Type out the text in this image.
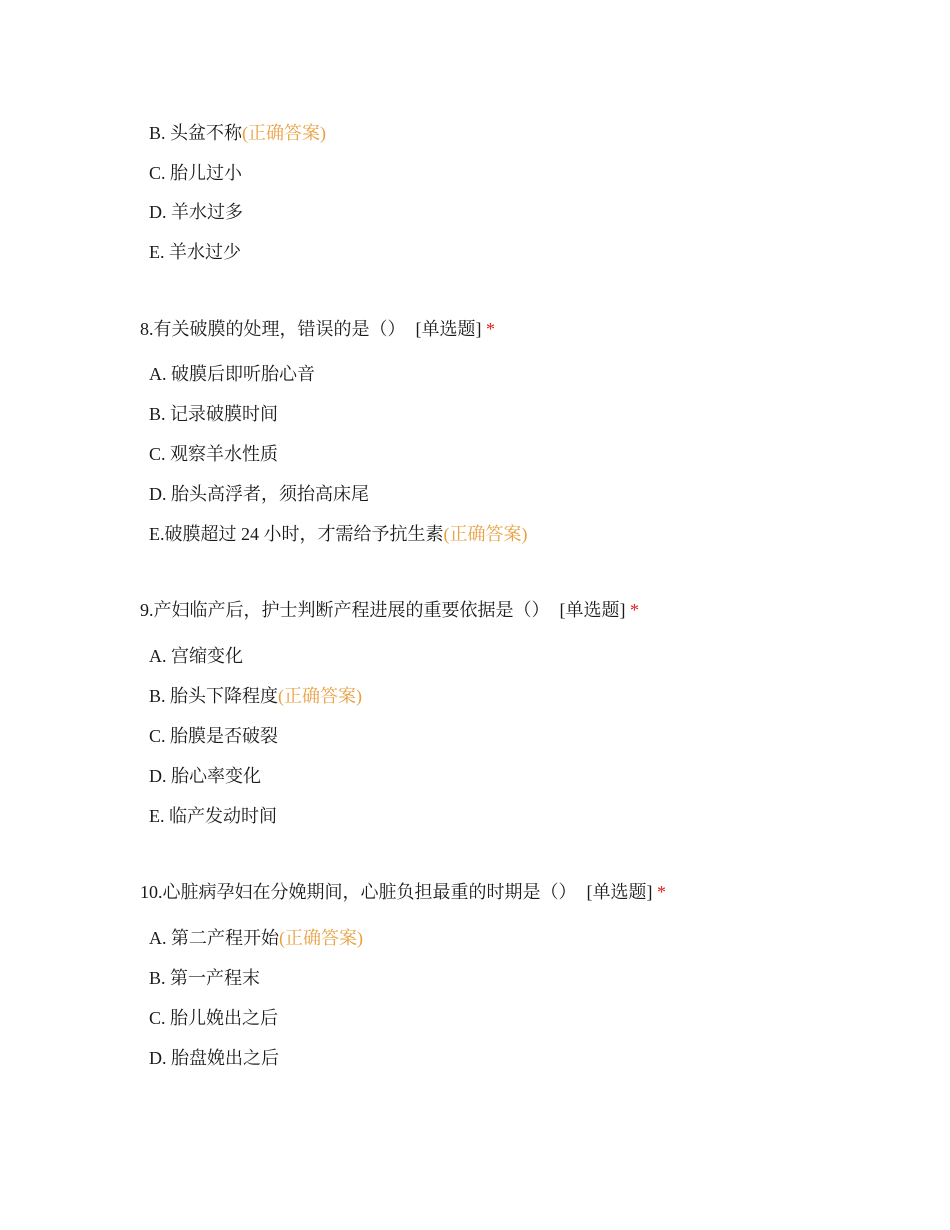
B. 头盆不称(正确答案)
C. 胎儿过小
D. 羊水过多
E. 羊水过少
8.有关破膜的处理，错误的是（） [单选题] *
A. 破膜后即听胎心音
B. 记录破膜时间
C. 观察羊水性质
D. 胎头高浮者，须抬高床尾
E.破膜超过 24 小时，才需给予抗生素(正确答案)
9.产妇临产后，护士判断产程进展的重要依据是（） [单选题] *
A. 宫缩变化
B. 胎头下降程度(正确答案)
C. 胎膜是否破裂
D. 胎心率变化
E. 临产发动时间
10.心脏病孕妇在分娩期间，心脏负担最重的时期是（） [单选题] *
A. 第二产程开始(正确答案)
B. 第一产程末
C. 胎儿娩出之后
D. 胎盘娩出之后
